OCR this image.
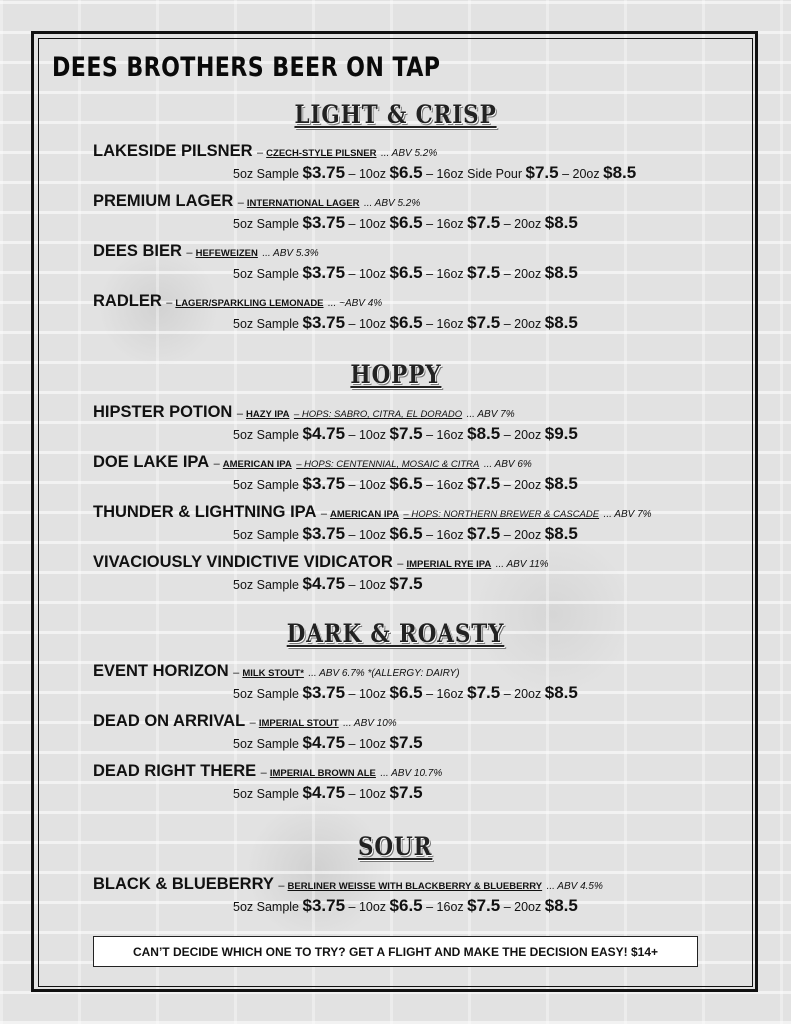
DEES BROTHERS BEER ON TAP
LIGHT & CRISP
LAKESIDE PILSNER – CZECH-STYLE PILSNER ... ABV 5.2%
5oz Sample $3.75 – 10oz $6.5 – 16oz Side Pour $7.5 – 20oz $8.5
PREMIUM LAGER – INTERNATIONAL LAGER ... ABV 5.2%
5oz Sample $3.75 – 10oz $6.5 – 16oz $7.5 – 20oz $8.5
DEES BIER – HEFEWEIZEN ... ABV 5.3%
5oz Sample $3.75 – 10oz $6.5 – 16oz $7.5 – 20oz $8.5
RADLER – LAGER/SPARKLING LEMONADE ... ~ABV 4%
5oz Sample $3.75 – 10oz $6.5 – 16oz $7.5 – 20oz $8.5
HOPPY
HIPSTER POTION – HAZY IPA – HOPS: SABRO, CITRA, EL DORADO ... ABV 7%
5oz Sample $4.75 – 10oz $7.5 – 16oz $8.5 – 20oz $9.5
DOE LAKE IPA – AMERICAN IPA – HOPS: CENTENNIAL, MOSAIC & CITRA ... ABV 6%
5oz Sample $3.75 – 10oz $6.5 – 16oz $7.5 – 20oz $8.5
THUNDER & LIGHTNING IPA – AMERICAN IPA – HOPS: NORTHERN BREWER & CASCADE ... ABV 7%
5oz Sample $3.75 – 10oz $6.5 – 16oz $7.5 – 20oz $8.5
VIVACIOUSLY VINDICTIVE VIDICATOR – IMPERIAL RYE IPA ... ABV 11%
5oz Sample $4.75 – 10oz $7.5
DARK & ROASTY
EVENT HORIZON – MILK STOUT* ... ABV 6.7% *(ALLERGY: DAIRY)
5oz Sample $3.75 – 10oz $6.5 – 16oz $7.5 – 20oz $8.5
DEAD ON ARRIVAL – IMPERIAL STOUT ... ABV 10%
5oz Sample $4.75 – 10oz $7.5
DEAD RIGHT THERE – IMPERIAL BROWN ALE ... ABV 10.7%
5oz Sample $4.75 – 10oz $7.5
SOUR
BLACK & BLUEBERRY – BERLINER WEISSE WITH BLACKBERRY & BLUEBERRY ... ABV 4.5%
5oz Sample $3.75 – 10oz $6.5 – 16oz $7.5 – 20oz $8.5
CAN’T DECIDE WHICH ONE TO TRY? GET A FLIGHT AND MAKE THE DECISION EASY! $14+
